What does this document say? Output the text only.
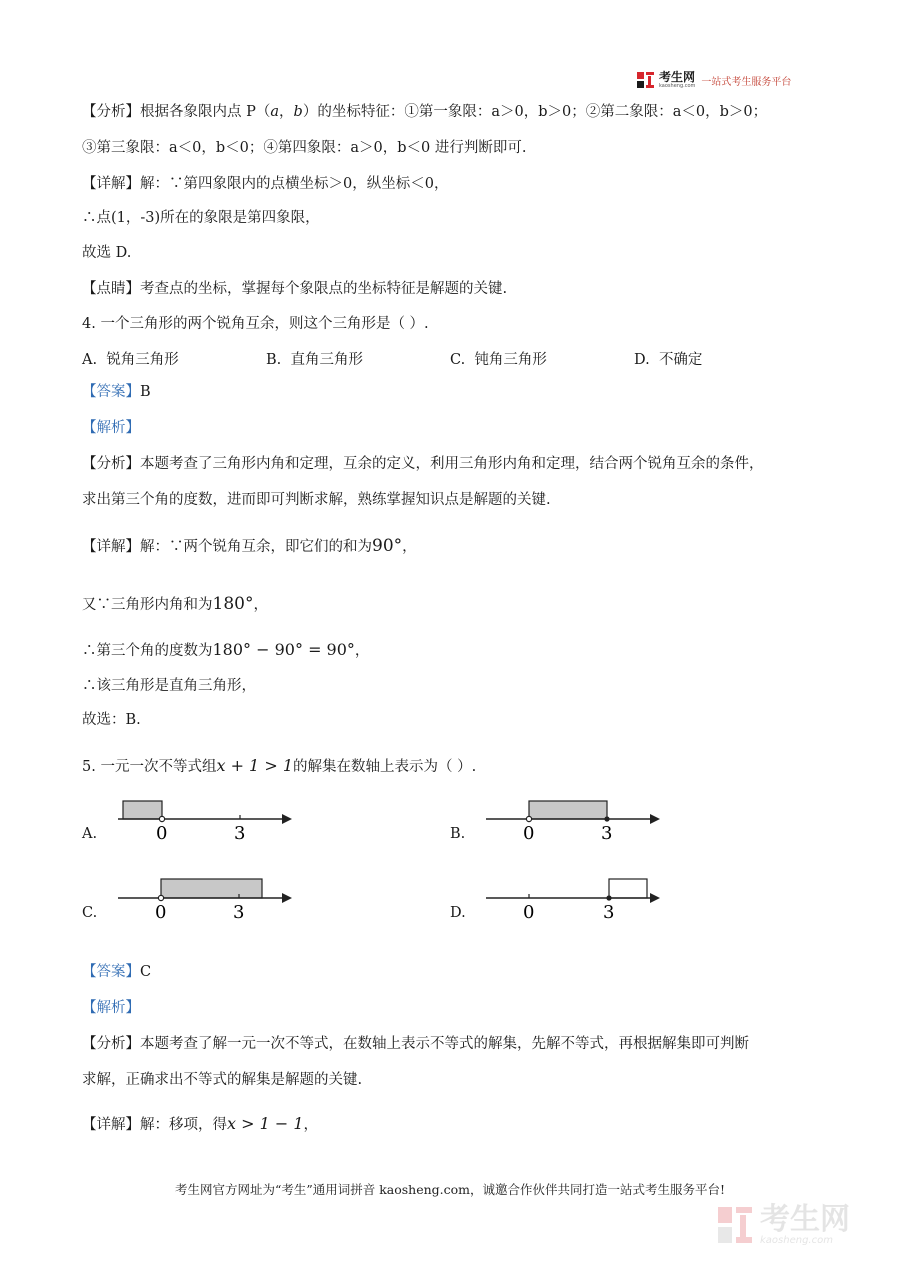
考生网
kaosheng.com 一站式考生服务平台
【分析】根据各象限内点 P（a，b）的坐标特征：①第一象限：a＞0，b＞0；②第二象限：a＜0，b＞0；
③第三象限：a＜0，b＜0；④第四象限：a＞0，b＜0 进行判断即可.
【详解】解：∵第四象限内的点横坐标＞0，纵坐标＜0，
∴点(1，-3)所在的象限是第四象限，
故选 D.
【点睛】考查点的坐标，掌握每个象限点的坐标特征是解题的关键.
4. 一个三角形的两个锐角互余，则这个三角形是（ ）.
A. 锐角三角形	B. 直角三角形	C. 钝角三角形	D. 不确定
【答案】B
【解析】
【分析】本题考查了三角形内角和定理，互余的定义，利用三角形内角和定理，结合两个锐角互余的条件，
求出第三个角的度数，进而即可判断求解，熟练掌握知识点是解题的关键.
【详解】解：∵两个锐角互余，即它们的和为90°，
又∵三角形内角和为180°，
∴第三个角的度数为180° − 90° = 90°，
∴该三角形是直角三角形，
故选：B.
5. 一元一次不等式组x + 1 > 1的解集在数轴上表示为（ ）.
A.	0	3	B.	0	3
C.	0	3	D.	0	3
【答案】C
【解析】
【分析】本题考查了解一元一次不等式，在数轴上表示不等式的解集，先解不等式，再根据解集即可判断
求解，正确求出不等式的解集是解题的关键.
【详解】解：移项，得x > 1 − 1，
考生网官方网址为“考生”通用词拼音 kaosheng.com，诚邀合作伙伴共同打造一站式考生服务平台!
考生网
kaosheng.com
